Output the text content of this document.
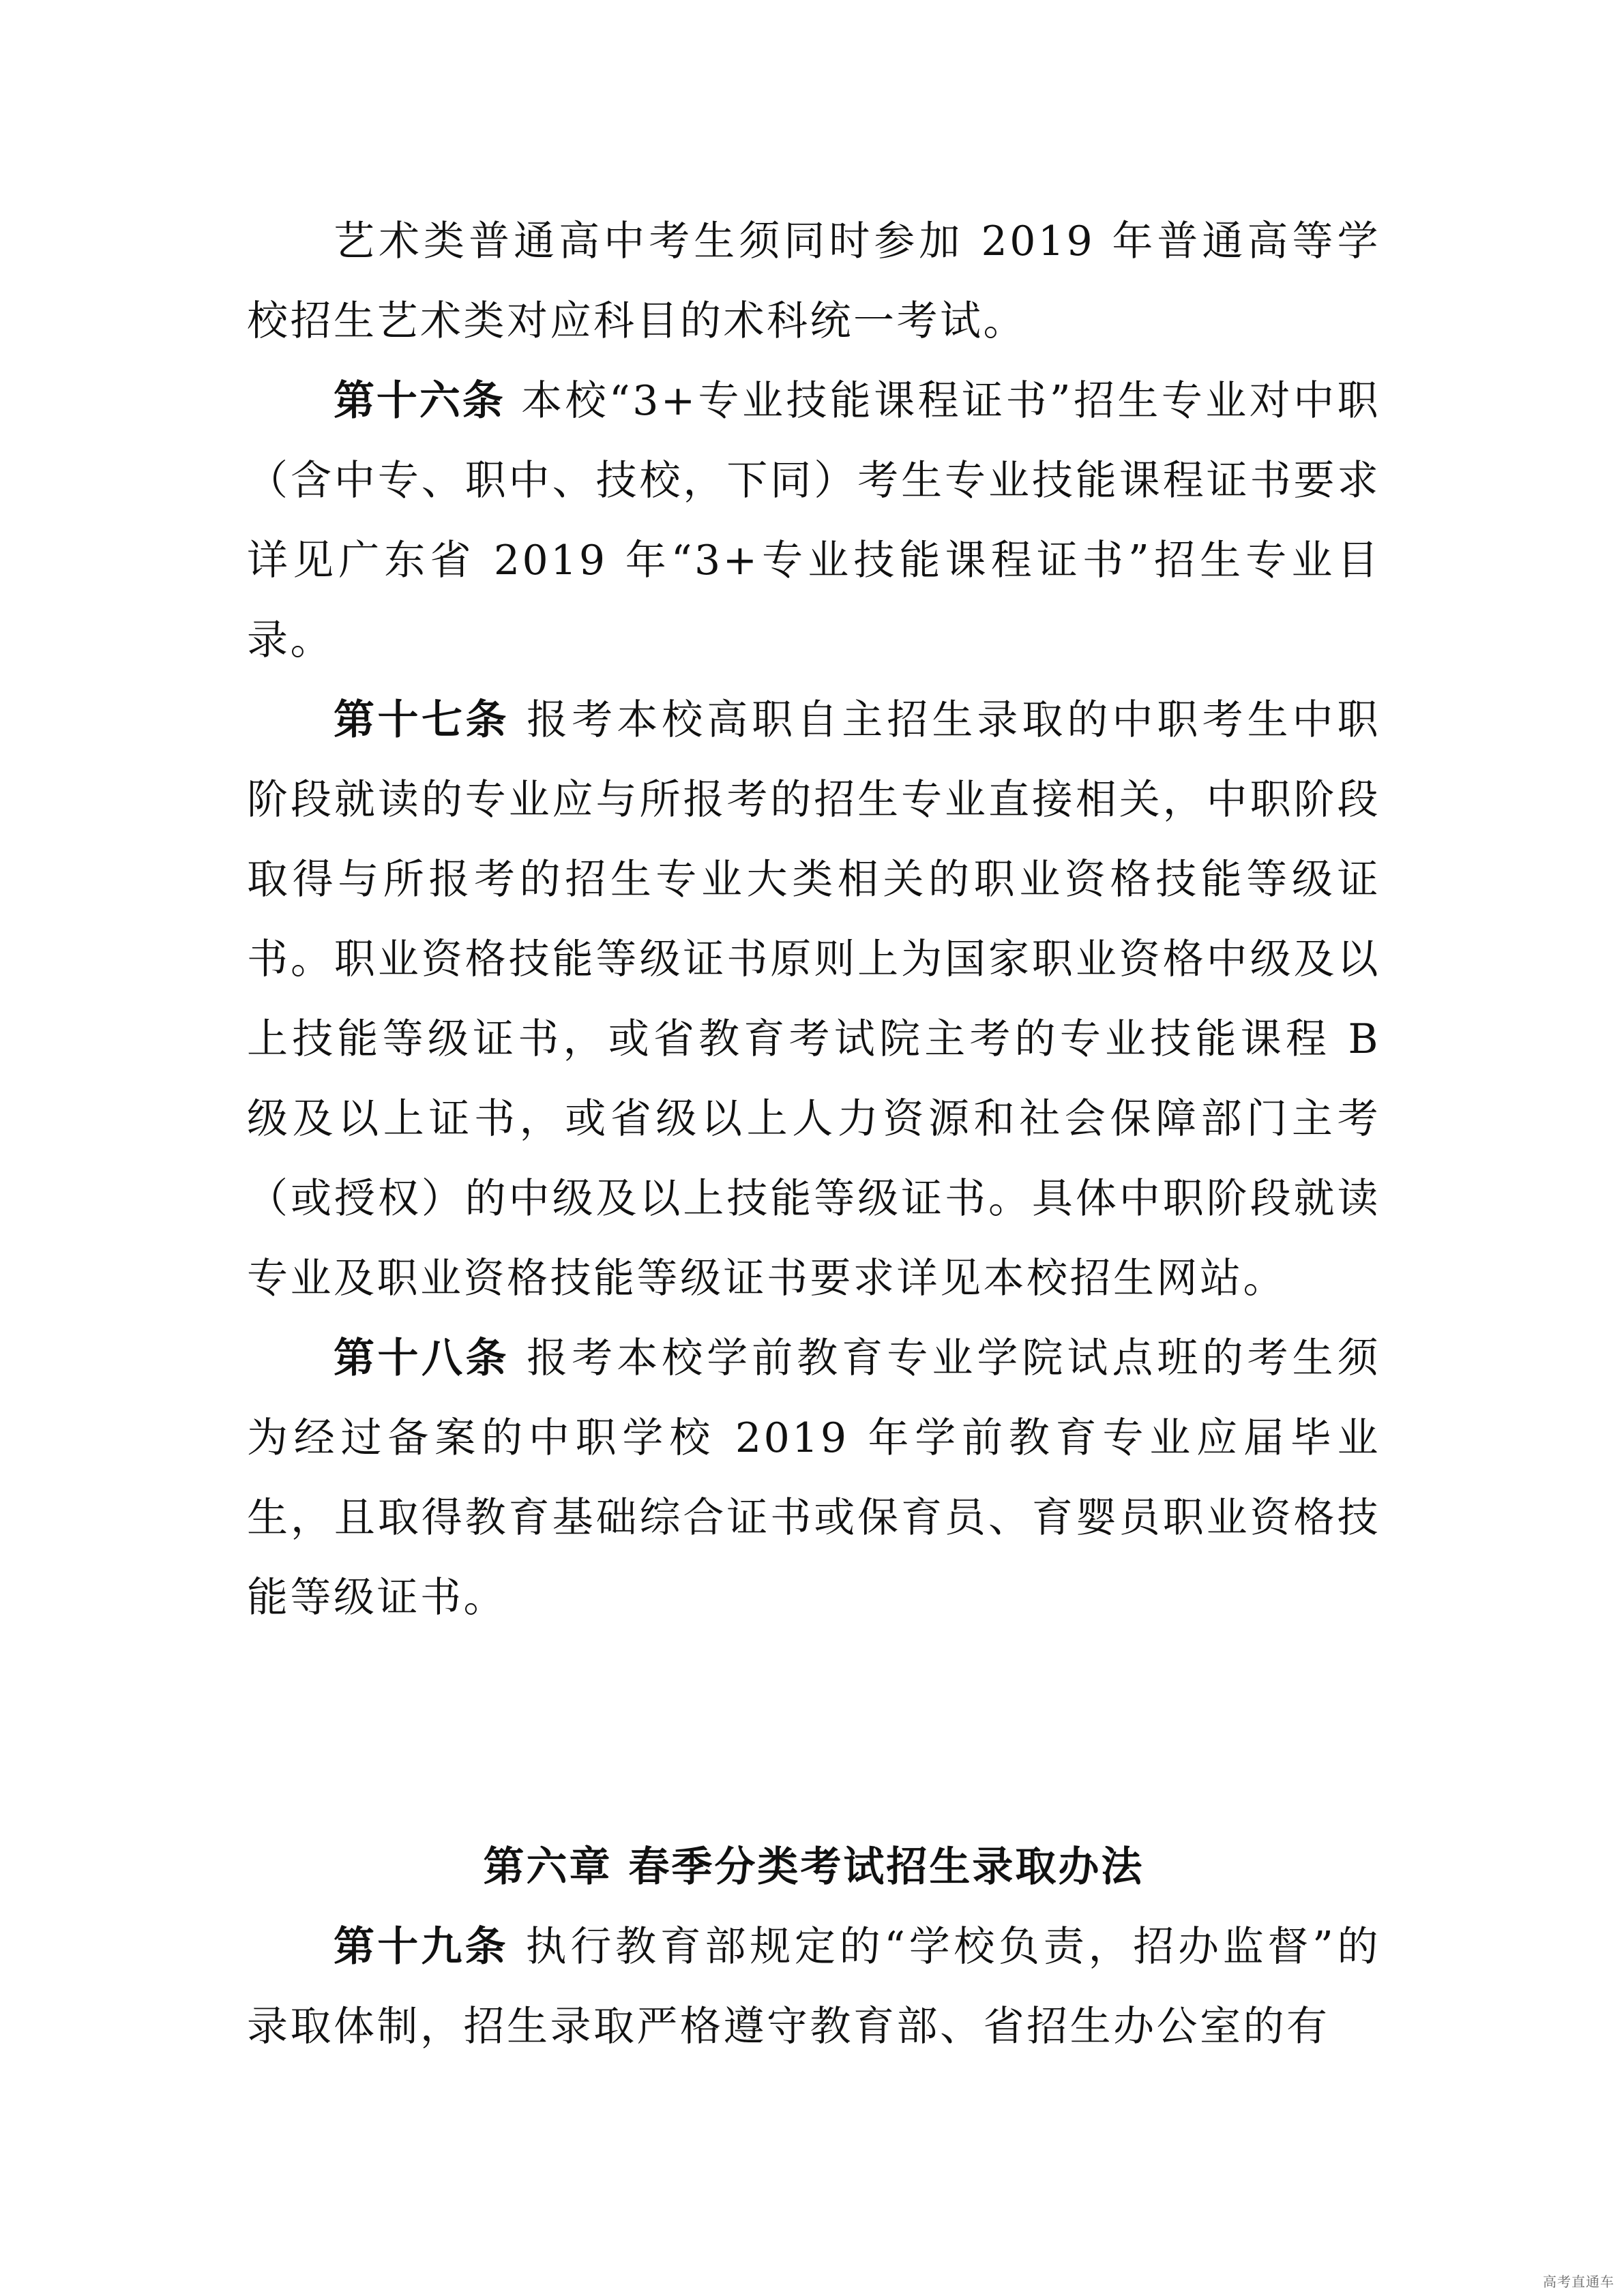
艺术类普通高中考生须同时参加 2019 年普通高等学校招生艺术类对应科目的术科统一考试。

第十六条 本校“3+专业技能课程证书”招生专业对中职（含中专、职中、技校，下同）考生专业技能课程证书要求详见广东省 2019 年“3+专业技能课程证书”招生专业目录。

第十七条 报考本校高职自主招生录取的中职考生中职阶段就读的专业应与所报考的招生专业直接相关，中职阶段取得与所报考的招生专业大类相关的职业资格技能等级证书。职业资格技能等级证书原则上为国家职业资格中级及以上技能等级证书，或省教育考试院主考的专业技能课程 B 级及以上证书，或省级以上人力资源和社会保障部门主考（或授权）的中级及以上技能等级证书。具体中职阶段就读专业及职业资格技能等级证书要求详见本校招生网站。

第十八条 报考本校学前教育专业学院试点班的考生须为经过备案的中职学校 2019 年学前教育专业应届毕业生，且取得教育基础综合证书或保育员、育婴员职业资格技能等级证书。

第六章 春季分类考试招生录取办法

第十九条 执行教育部规定的“学校负责，招办监督”的录取体制，招生录取严格遵守教育部、省招生办公室的有

高考直通车
